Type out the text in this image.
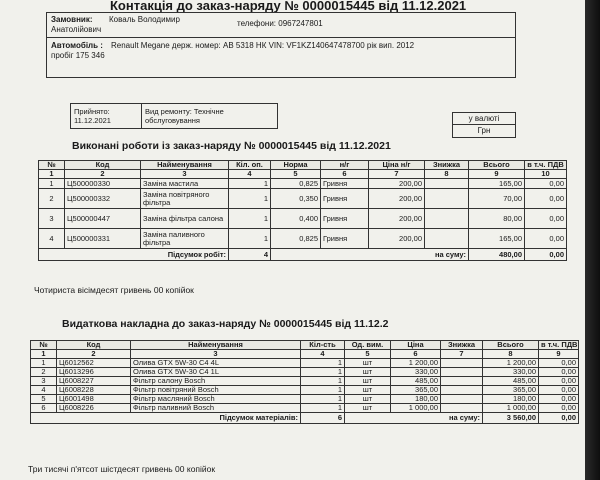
Контакція до заказ-наряду № 0000015445 від 11.12.2021
Замовник: Коваль Володимир
Анатолійович
телефони: 0967247801
Автомобіль : Renault Megane держ. номер: АВ 5318 НК VIN: VF1KZ140647478700 рік вип. 2012
пробіг 175 346
Прийнято:
11.12.2021
Вид ремонту: Технічне
обслуговування	у валюті
Грн
Виконані роботи із заказ-наряду № 0000015445 від 11.12.2021
№	Код	Найменування	Кіл. оп.	Норма	н/г	Ціна н/г	Знижка	Всього	в т.ч. ПДВ
1	2	3	4	5	6	7	8	9	10
1	Ц500000330	Заміна мастила	1	0,825	Гривня	200,00		165,00	0,00
2	Ц500000332	Заміна повітряного фільтра	1	0,350	Гривня	200,00		70,00	0,00
3	Ц500000447	Заміна фільтра салона	1	0,400	Гривня	200,00		80,00	0,00
4	Ц500000331	Заміна паливного фільтра	1	0,825	Гривня	200,00		165,00	0,00
Підсумок робіт:			4	на суму:				480,00	0,00
Чотириста вісімдесят гривень 00 копійок
Видаткова накладна до заказ-наряду № 0000015445 від 11.12.2
№	Код	Найменування	Кіл-сть	Од. вим.	Ціна	Знижка	Всього	в т.ч. ПДВ
1	2	3	4	5	6	7	8	9
1	Ц6012562	Олива GTX 5W-30 C4 4L	1	шт	1 200,00		1 200,00	0,00
2	Ц6013296	Олива GTX 5W-30 C4 1L	1	шт	330,00		330,00	0,00
3	Ц6008227	Фільтр салону Bosch	1	шт	485,00		485,00	0,00
4	Ц6008228	Фільтр повітряний Bosch	1	шт	365,00		365,00	0,00
5	Ц6001498	Фільтр масляний Bosch	1	шт	180,00		180,00	0,00
6	Ц6008226	Фільтр паливний Bosch	1	шт	1 000,00		1 000,00	0,00
Підсумок матеріалів:			6	на суму:			3 560,00	0,00
Три тисячі п'ятсот шістдесят гривень 00 копійок
